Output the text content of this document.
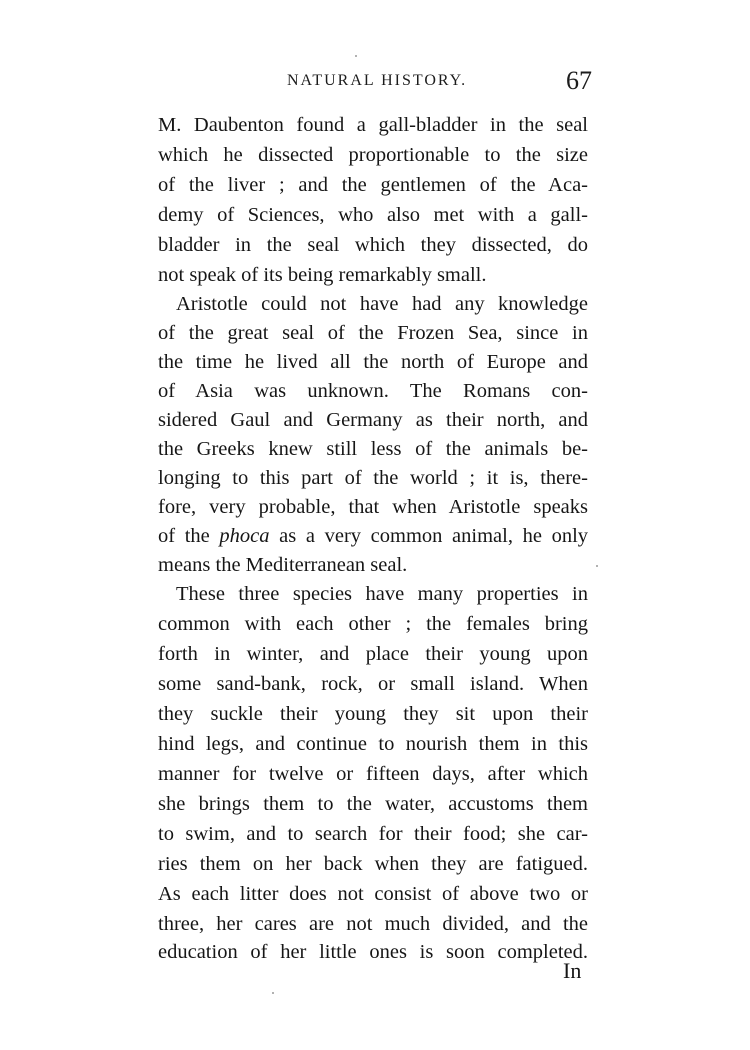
NATURAL HISTORY.	67
M. Daubenton found a gall-bladder in the seal
which he dissected proportionable to the size
of the liver ; and the gentlemen of the Aca-
demy of Sciences, who also met with a gall-
bladder in the seal which they dissected, do
not speak of its being remarkably small.
Aristotle could not have had any knowledge
of the great seal of the Frozen Sea, since in
the time he lived all the north of Europe and
of Asia was unknown. The Romans con-
sidered Gaul and Germany as their north, and
the Greeks knew still less of the animals be-
longing to this part of the world ; it is, there-
fore, very probable, that when Aristotle speaks
of the phoca as a very common animal, he only
means the Mediterranean seal.
These three species have many properties in
common with each other ; the females bring
forth in winter, and place their young upon
some sand-bank, rock, or small island. When
they suckle their young they sit upon their
hind legs, and continue to nourish them in this
manner for twelve or fifteen days, after which
she brings them to the water, accustoms them
to swim, and to search for their food; she car-
ries them on her back when they are fatigued.
As each litter does not consist of above two or
three, her cares are not much divided, and the
education of her little ones is soon completed.
In
